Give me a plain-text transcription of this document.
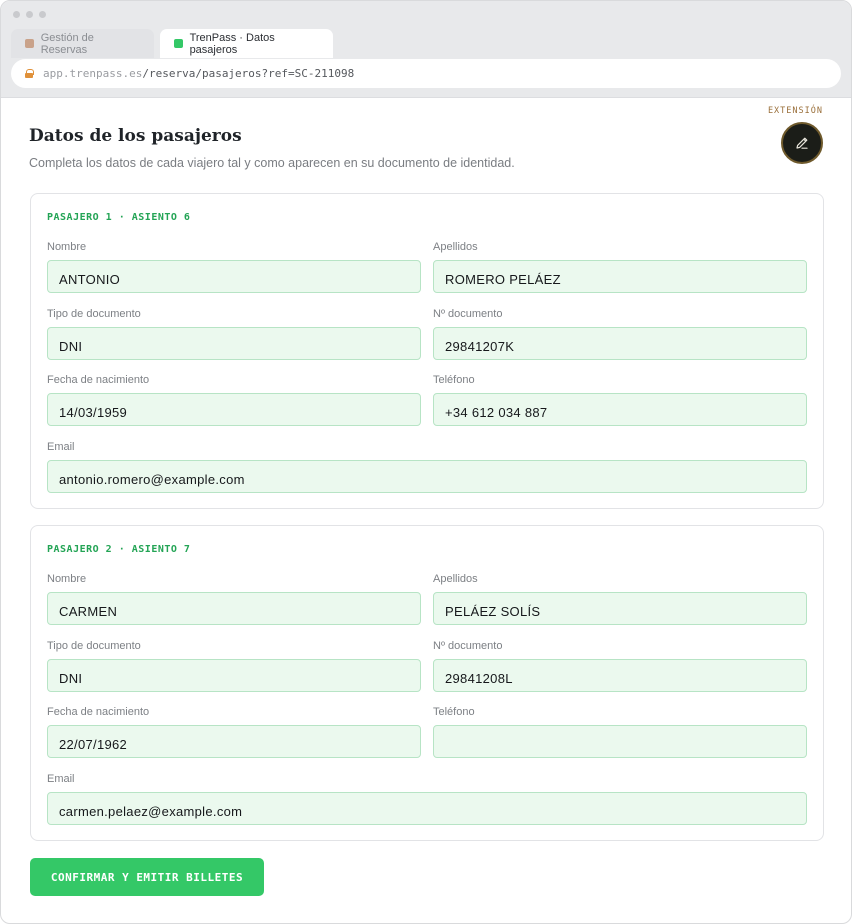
Gestión de Reservas
TrenPass · Datos pasajeros
app.trenpass.es/reserva/pasajeros?ref=SC-211098
Datos de los pasajeros
Completa los datos de cada viajero tal y como aparecen en su documento de identidad.
EXTENSIÓN
PASAJERO 1 · ASIENTO 6
Nombre
ANTONIO
Apellidos
ROMERO PELÁEZ
Tipo de documento
DNI
Nº documento
29841207K
Fecha de nacimiento
14/03/1959
Teléfono
+34 612 034 887
Email
antonio.romero@example.com
PASAJERO 2 · ASIENTO 7
Nombre
CARMEN
Apellidos
PELÁEZ SOLÍS
Tipo de documento
DNI
Nº documento
29841208L
Fecha de nacimiento
22/07/1962
Teléfono
Email
carmen.pelaez@example.com
CONFIRMAR Y EMITIR BILLETES
